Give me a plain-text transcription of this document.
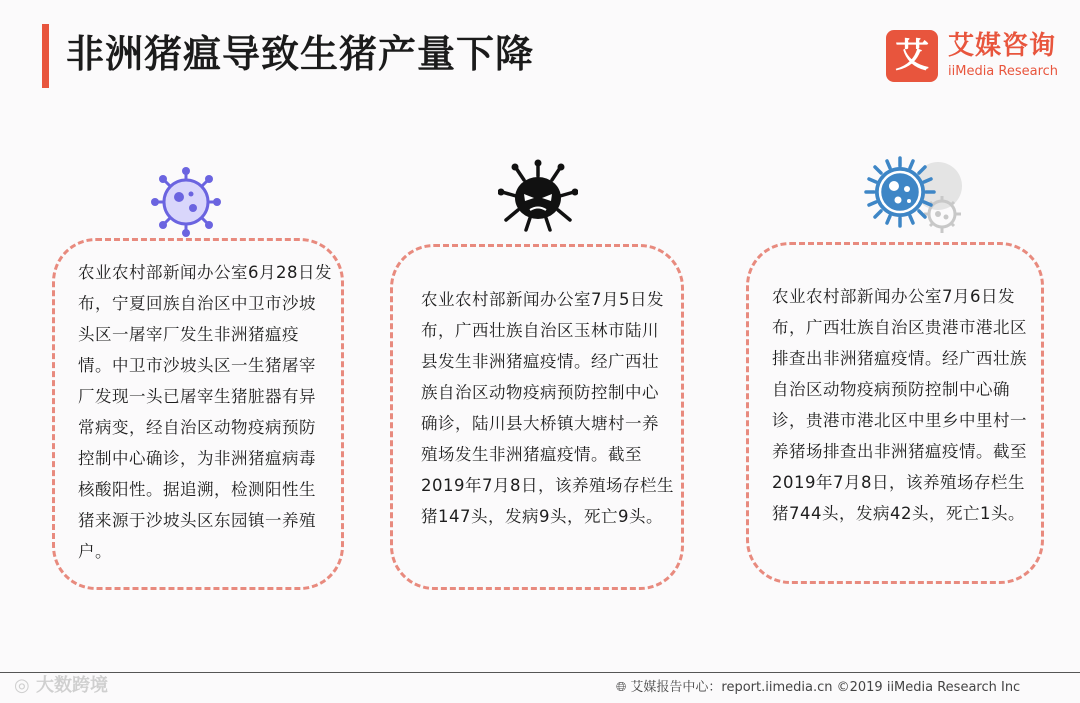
非洲猪瘟导致生猪产量下降	艾 艾媒咨询
iiMedia Research
农业农村部新闻办公室6月28日发布，宁夏回族自治区中卫市沙坡头区一屠宰厂发生非洲猪瘟疫情。中卫市沙坡头区一生猪屠宰厂发现一头已屠宰生猪脏器有异常病变，经自治区动物疫病预防控制中心确诊，为非洲猪瘟病毒核酸阳性。据追溯，检测阳性生猪来源于沙坡头区东园镇一养殖户。
农业农村部新闻办公室7月5日发布，广西壮族自治区玉林市陆川县发生非洲猪瘟疫情。经广西壮族自治区动物疫病预防控制中心确诊，陆川县大桥镇大塘村一养殖场发生非洲猪瘟疫情。截至2019年7月8日，该养殖场存栏生猪147头，发病9头，死亡9头。
农业农村部新闻办公室7月6日发布，广西壮族自治区贵港市港北区排查出非洲猪瘟疫情。经广西壮族自治区动物疫病预防控制中心确诊，贵港市港北区中里乡中里村一养猪场排查出非洲猪瘟疫情。截至2019年7月8日，该养殖场存栏生猪744头，发病42头，死亡1头。
◎ 大数跨境	🌐︎ 艾媒报告中心：report.iimedia.cn ©2019 iiMedia Research Inc
